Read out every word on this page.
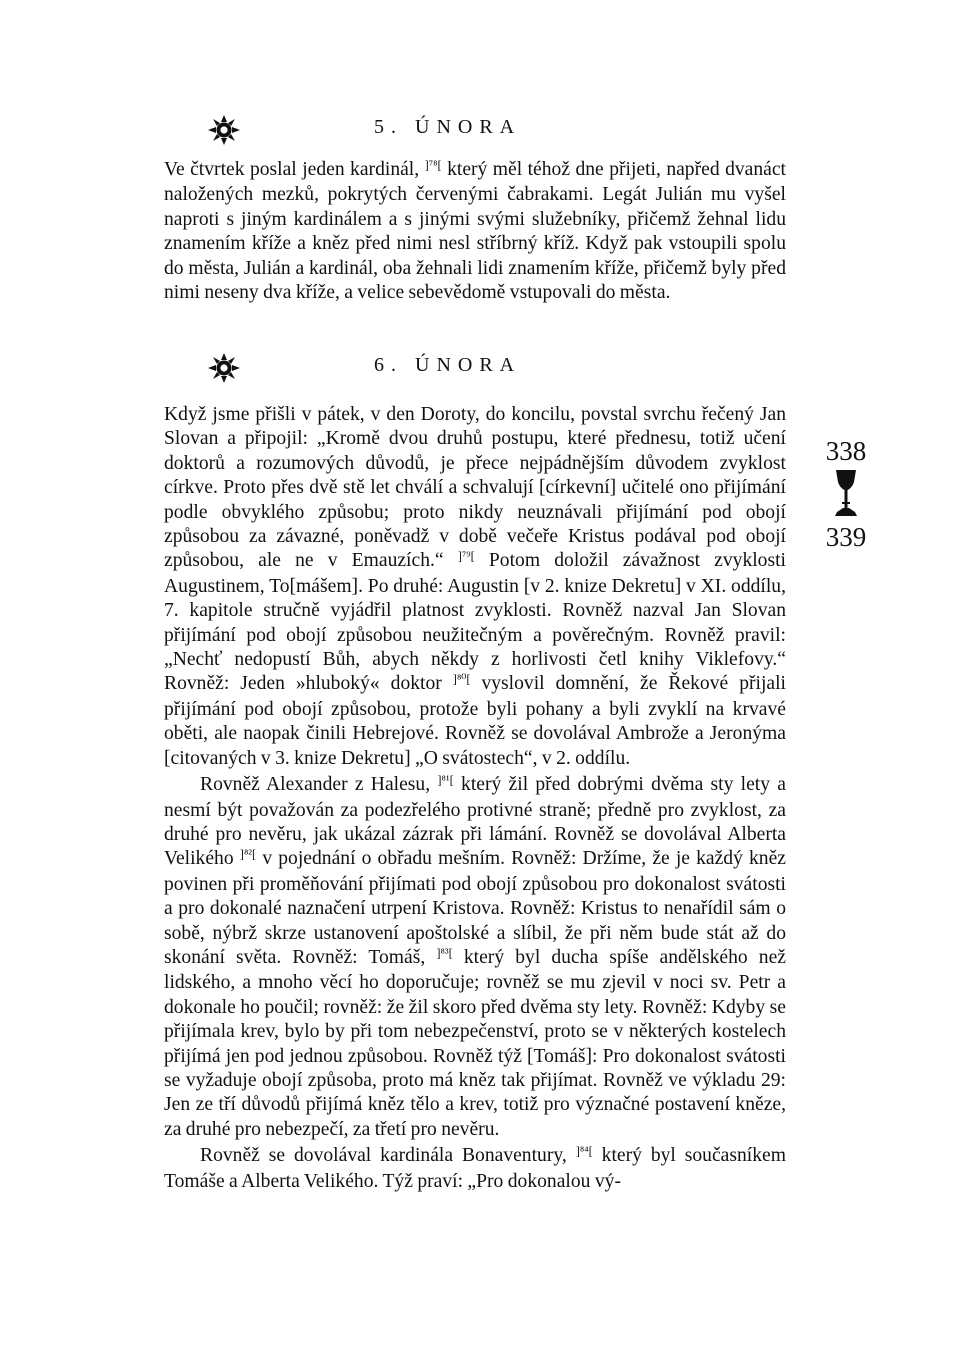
5. ÚNORA

Ve čtvrtek poslal jeden kardinál, $^{]^{78}[}$ který měl téhož dne přijeti, napřed dvanáct naložených mezků, pokrytých červenými čabrakami. Legát Julián mu vyšel naproti s jiným kardinálem a s jinými svými služebníky, přičemž žehnal lidu znamením kříže a kněz před nimi nesl stříbrný kříž. Když pak vstoupili spolu do města, Julián a kardinál, oba žehnali lidi znamením kříže, přičemž byly před nimi neseny dva kříže, a velice sebevědomě vstupovali do města.

6. ÚNORA

Když jsme přišli v pátek, v den Doroty, do koncilu, povstal svrchu řečený Jan Slovan a připojil: „Kromě dvou druhů postupu, které přednesu, totiž učení doktorů a rozumových důvodů, je přece nejpádnějším důvodem zvyklost církve. Proto přes dvě stě let chválí a schvalují [církevní] učitelé ono přijímání podle obvyklého způsobu; proto nikdy neuznávali přijímání pod obojí způsobou za závazné, poněvadž v době večeře Kristus podával pod obojí způsobou, ale ne v Emauzích.“ $^{]^{79}[}$ Potom doložil závažnost zvyklosti Augustinem, To[mášem]. Po druhé: Augustin [v 2. knize Dekretu] v XI. oddílu, 7. kapitole stručně vyjádřil platnost zvyklosti. Rovněž nazval Jan Slovan přijímání pod obojí způsobou neužitečným a pověrečným. Rovněž pravil: „Nechť nedopustí Bůh, abych někdy z horlivosti četl knihy Viklefovy.“ Rovněž: Jeden »hluboký« doktor $^{]^{80}[}$ vyslovil domnění, že Řekové přijali přijímání pod obojí způsobou, protože byli pohany a byli zvyklí na krvavé oběti, ale naopak činili Hebrejové. Rovněž se dovolával Ambrože a Jeronýma [citovaných v 3. knize Dekretu] „O svátostech“, v 2. oddílu.

Rovněž Alexander z Halesu, $^{]^{81}[}$ který žil před dobrými dvěma sty lety a nesmí být považován za podezřelého protivné straně; předně pro zvyklost, za druhé pro nevěru, jak ukázal zázrak při lámání. Rovněž se dovolával Alberta Velikého $^{]^{82}[}$ v pojednání o obřadu mešním. Rovněž: Držíme, že je každý kněz povinen při proměňování přijímati pod obojí způsobou pro dokonalost svátosti a pro dokonalé naznačení utrpení Kristova. Rovněž: Kristus to nenařídil sám o sobě, nýbrž skrze ustanovení apoštolské a slíbil, že při něm bude stát až do skonání světa. Rovněž: Tomáš, $^{]^{83}[}$ který byl ducha spíše andělského než lidského, a mnoho věcí ho doporučuje; rovněž se mu zjevil v noci sv. Petr a dokonale ho poučil; rovněž: že žil skoro před dvěma sty lety. Rovněž: Kdyby se přijímala krev, bylo by při tom nebezpečenství, proto se v některých kostelech přijímá jen pod jednou způsobou. Rovněž týž [Tomáš]: Pro dokonalost svátosti se vyžaduje obojí způsoba, proto má kněz tak přijímat. Rovněž ve výkladu 29: Jen ze tří důvodů přijímá kněz tělo a krev, totiž pro význačné postavení kněze, za druhé pro nebezpečí, za třetí pro nevěru.

Rovněž se dovolával kardinála Bonaventury, $^{]^{84}[}$ který byl současníkem Tomáše a Alberta Velikého. Týž praví: „Pro dokonalou vý-

338
339
